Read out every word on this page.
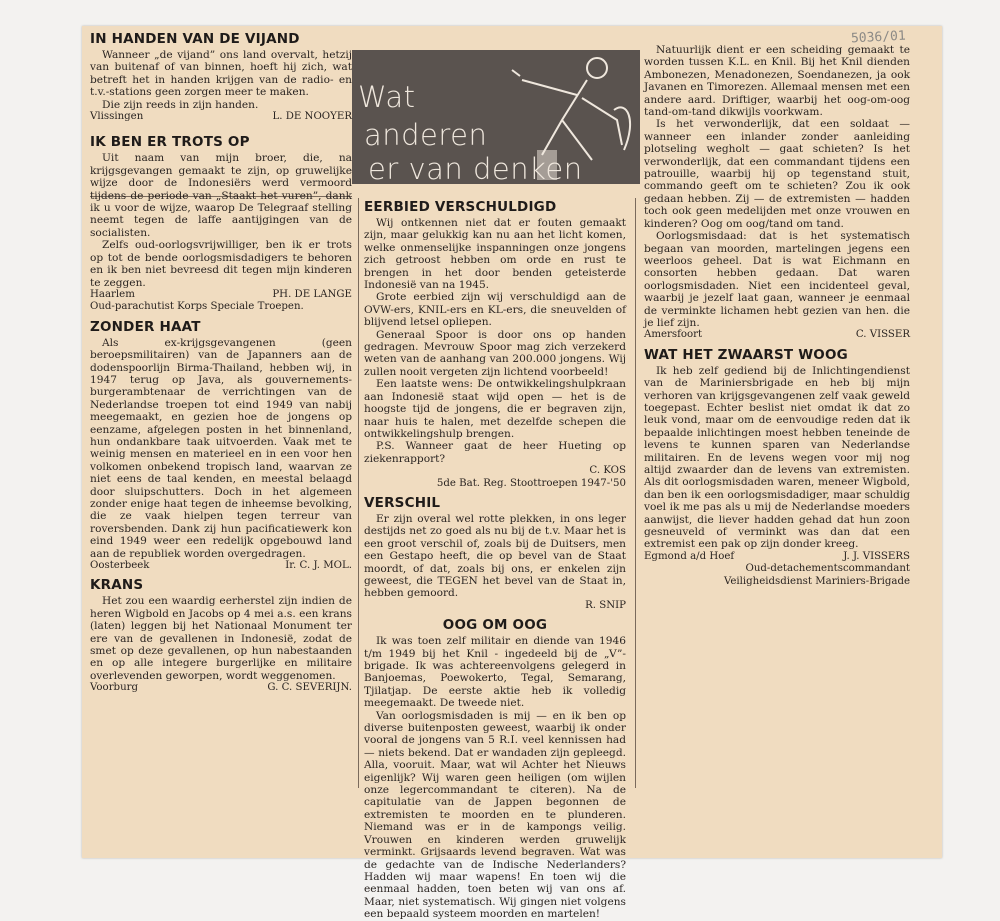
5036/01
Wat
anderen
er van denken
IN HANDEN VAN DE VIJAND

Wanneer „de vijand” ons land overvalt, hetzij van buitenaf of van binnen, hoeft hij zich, wat betreft het in handen krijgen van de radio- en t.v.-stations geen zorgen meer te maken.

Die zijn reeds in zijn handen.

Vlissingen	L. DE NOOYER
IK BEN ER TROTS OP

Uit naam van mijn broer, die, na krijgsgevangen gemaakt te zijn, op gruwelijke wijze door de Indonesiërs werd vermoord tijdens de periode van „Staakt het vuren”, dank ik u voor de wijze, waarop De Telegraaf stelling neemt tegen de laffe aantijgingen van de socialisten.

Zelfs oud-oorlogsvrijwilliger, ben ik er trots op tot de bende oorlogsmisdadigers te behoren en ik ben niet bevreesd dit tegen mijn kinderen te zeggen.

Haarlem	PH. DE LANGE
Oud-parachutist Korps Speciale Troepen.
ZONDER HAAT

Als ex-krijgsgevangenen (geen beroepsmilitairen) van de Japanners aan de dodenspoorlijn Birma-Thailand, hebben wij, in 1947 terug op Java, als gouvernements-burgerambtenaar de verrichtingen van de Nederlandse troepen tot eind 1949 van nabij meegemaakt, en gezien hoe de jongens op eenzame, afgelegen posten in het binnenland, hun ondankbare taak uitvoerden. Vaak met te weinig mensen en materieel en in een voor hen volkomen onbekend tropisch land, waarvan ze niet eens de taal kenden, en meestal belaagd door sluipschutters. Doch in het algemeen zonder enige haat tegen de inheemse bevolking, die ze vaak hielpen tegen terreur van roversbenden. Dank zij hun pacificatiewerk kon eind 1949 weer een redelijk opgebouwd land aan de republiek worden overgedragen.

Oosterbeek	Ir. C. J. MOL.
KRANS

Het zou een waardig eerherstel zijn indien de heren Wigbold en Jacobs op 4 mei a.s. een krans (laten) leggen bij het Nationaal Monument ter ere van de gevallenen in Indonesië, zodat de smet op deze gevallenen, op hun nabestaanden en op alle integere burgerlijke en militaire overlevenden geworpen, wordt weggenomen.

Voorburg	G. C. SEVERIJN.
EERBIED VERSCHULDIGD

Wij ontkennen niet dat er fouten gemaakt zijn, maar gelukkig kan nu aan het licht komen, welke onmenselijke inspanningen onze jongens zich getroost hebben om orde en rust te brengen in het door benden geteisterde Indonesië van na 1945.

Grote eerbied zijn wij verschuldigd aan de OVW-ers, KNIL-ers en KL-ers, die sneuvelden of blijvend letsel opliepen.

Generaal Spoor is door ons op handen gedragen. Mevrouw Spoor mag zich verzekerd weten van de aanhang van 200.000 jongens. Wij zullen nooit vergeten zijn lichtend voorbeeld!

Een laatste wens: De ontwikkelingshulpkraan aan Indonesië staat wijd open — het is de hoogste tijd de jongens, die er begraven zijn, naar huis te halen, met dezelfde schepen die ontwikkelingshulp brengen.

P.S. Wanneer gaat de heer Hueting op ziekenrapport?

C. KOS
5de Bat. Reg. Stoottroepen 1947-'50
VERSCHIL

Er zijn overal wel rotte plekken, in ons leger destijds net zo goed als nu bij de t.v. Maar het is een groot verschil of, zoals bij de Duitsers, men een Gestapo heeft, die op bevel van de Staat moordt, of dat, zoals bij ons, er enkelen zijn geweest, die TEGEN het bevel van de Staat in, hebben gemoord.

R. SNIP
OOG OM OOG

Ik was toen zelf militair en diende van 1946 t/m 1949 bij het Knil - ingedeeld bij de „V”-brigade. Ik was achtereenvolgens gelegerd in Banjoemas, Poewokerto, Tegal, Semarang, Tjilatjap. De eerste aktie heb ik volledig meegemaakt. De tweede niet.

Van oorlogsmisdaden is mij — en ik ben op diverse buitenposten geweest, waarbij ik onder vooral de jongens van 5 R.I. veel kennissen had — niets bekend. Dat er wandaden zijn gepleegd. Alla, vooruit. Maar, wat wil Achter het Nieuws eigenlijk? Wij waren geen heiligen (om wijlen onze legercommandant te citeren). Na de capitulatie van de Jappen begonnen de extremisten te moorden en te plunderen. Niemand was er in de kampongs veilig. Vrouwen en kinderen werden gruwelijk verminkt. Grijsaards levend begraven. Wat was de gedachte van de Indische Nederlanders? Hadden wij maar wapens! En toen wij die eenmaal hadden, toen beten wij van ons af. Maar, niet systematisch. Wij gingen niet volgens een bepaald systeem moorden en martelen!

Natuurlijk dient er een scheiding gemaakt te worden tussen K.L. en Knil. Bij het Knil dienden Ambonezen, Menadonezen, Soendanezen, ja ook Javanen en Timorezen. Allemaal mensen met een andere aard. Driftiger, waarbij het oog-om-oog tand-om-tand dikwijls voorkwam.

Is het verwonderlijk, dat een soldaat — wanneer een inlander zonder aanleiding plotseling wegholt — gaat schieten? Is het verwonderlijk, dat een commandant tijdens een patrouille, waarbij hij op tegenstand stuit, commando geeft om te schieten? Zou ik ook gedaan hebben. Zij — de extremisten — hadden toch ook geen medelijden met onze vrouwen en kinderen? Oog om oog/tand om tand.

Oorlogsmisdaad: dat is het systematisch begaan van moorden, martelingen jegens een weerloos geheel. Dat is wat Eichmann en consorten hebben gedaan. Dat waren oorlogsmisdaden. Niet een incidenteel geval, waarbij je jezelf laat gaan, wanneer je eenmaal de verminkte lichamen hebt gezien van hen. die je lief zijn.

Amersfoort	C. VISSER
WAT HET ZWAARST WOOG

Ik heb zelf gediend bij de Inlichtingendienst van de Mariniersbrigade en heb bij mijn verhoren van krijgsgevangenen zelf vaak geweld toegepast. Echter beslist niet omdat ik dat zo leuk vond, maar om de eenvoudige reden dat ik bepaalde inlichtingen moest hebben teneinde de levens te kunnen sparen van Nederlandse militairen. En de levens wegen voor mij nog altijd zwaarder dan de levens van extremisten. Als dit oorlogsmisdaden waren, meneer Wigbold, dan ben ik een oorlogsmisdadiger, maar schuldig voel ik me pas als u mij de Nederlandse moeders aanwijst, die liever hadden gehad dat hun zoon gesneuveld of verminkt was dan dat een extremist een pak op zijn donder kreeg.

Egmond a/d Hoef	J. J. VISSERS
Oud-detachementscommandant
Veiligheidsdienst Mariniers-Brigade
